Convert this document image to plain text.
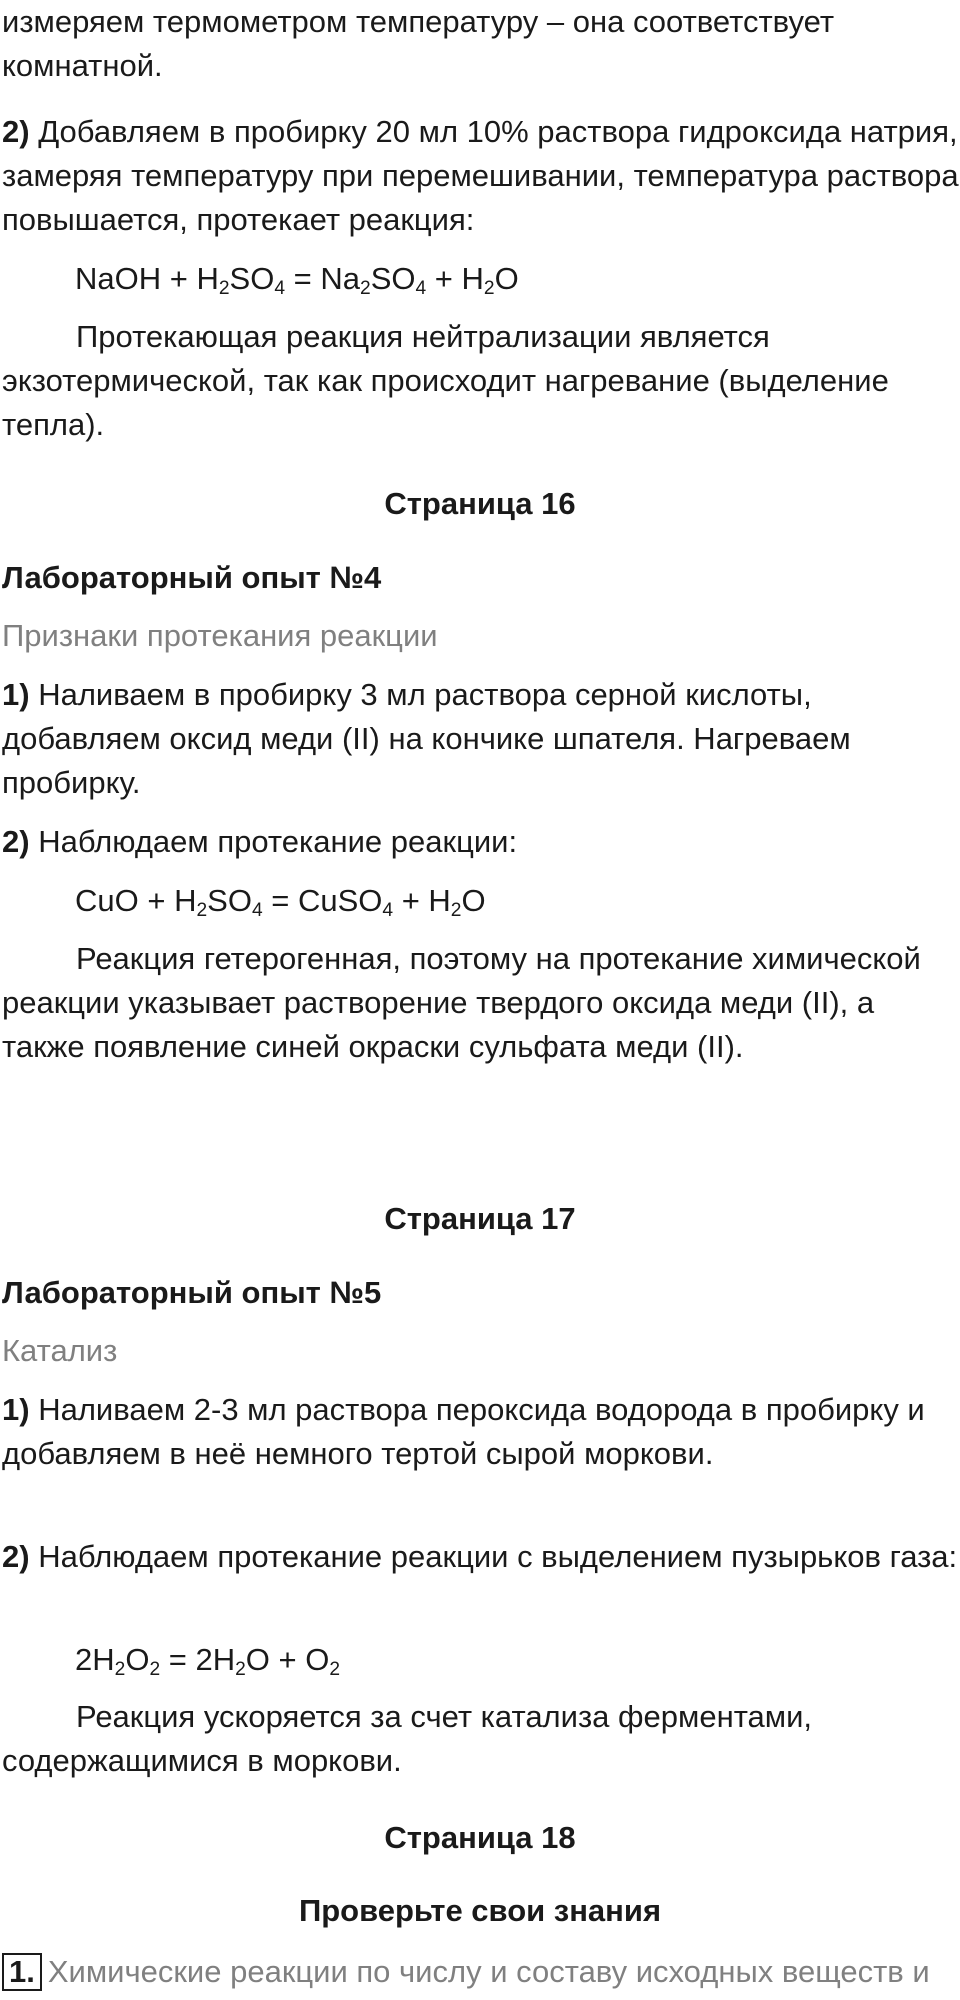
измеряем термометром температуру – она соответствует комнатной.

2) Добавляем в пробирку 20 мл 10% раствора гидроксида натрия, замеряя температуру при перемешивании, температура раствора повышается, протекает реакция:

NaOH + $H_2SO_4 = Na_2SO_4 + H_2O$

Протекающая реакция нейтрализации является экзотермической, так как происходит нагревание (выделение тепла).

Страница 16

Лабораторный опыт №4

Признаки протекания реакции

1) Наливаем в пробирку 3 мл раствора серной кислоты, добавляем оксид меди (II) на кончике шпателя. Нагреваем пробирку.

2) Наблюдаем протекание реакции:

CuO + $H_2SO_4$ = CuSO$_4$ + $H_2O$

Реакция гетерогенная, поэтому на протекание химической реакции указывает растворение твердого оксида меди (II), а также появление синей окраски сульфата меди (II).

Страница 17

Лабораторный опыт №5

Катализ

1) Наливаем 2-3 мл раствора пероксида водорода в пробирку и добавляем в неё немного тертой сырой моркови.

2) Наблюдаем протекание реакции с выделением пузырьков газа:

$2H_2O_2 = 2H_2O + O_2$

Реакция ускоряется за счет катализа ферментами, содержащимися в моркови.

Страница 18

Проверьте свои знания

1. Химические реакции по числу и составу исходных веществ и
